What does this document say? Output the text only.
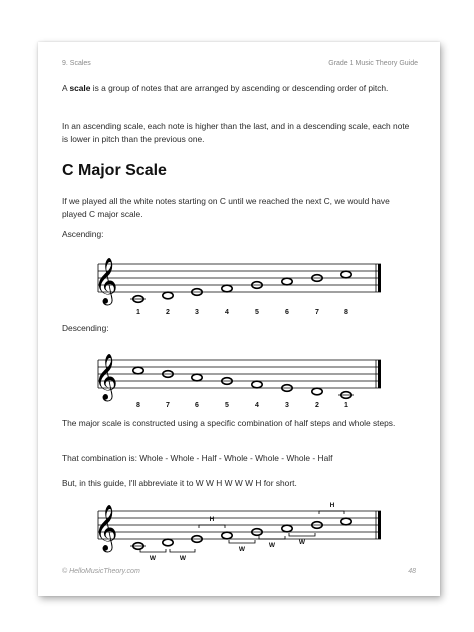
9. Scales	Grade 1 Music Theory Guide

A scale is a group of notes that are arranged by ascending or descending order of pitch.

In an ascending scale, each note is higher than the last, and in a descending scale, each note is lower in pitch than the previous one.

C Major Scale

If we played all the white notes starting on C until we reached the next C, we would have played C major scale.

Ascending:
𝄞
1	2	3	4	5	6	7	8
Descending:
𝄞
8	7	6	5	4	3	2	1

The major scale is constructed using a specific combination of half steps and whole steps.

That combination is: Whole - Whole - Half - Whole - Whole - Whole - Half

But, in this guide, I'll abbreviate it to W W H W W W H for short.

𝄞
W	W
H
W
W	W
H
© HelloMusicTheory.com	48
